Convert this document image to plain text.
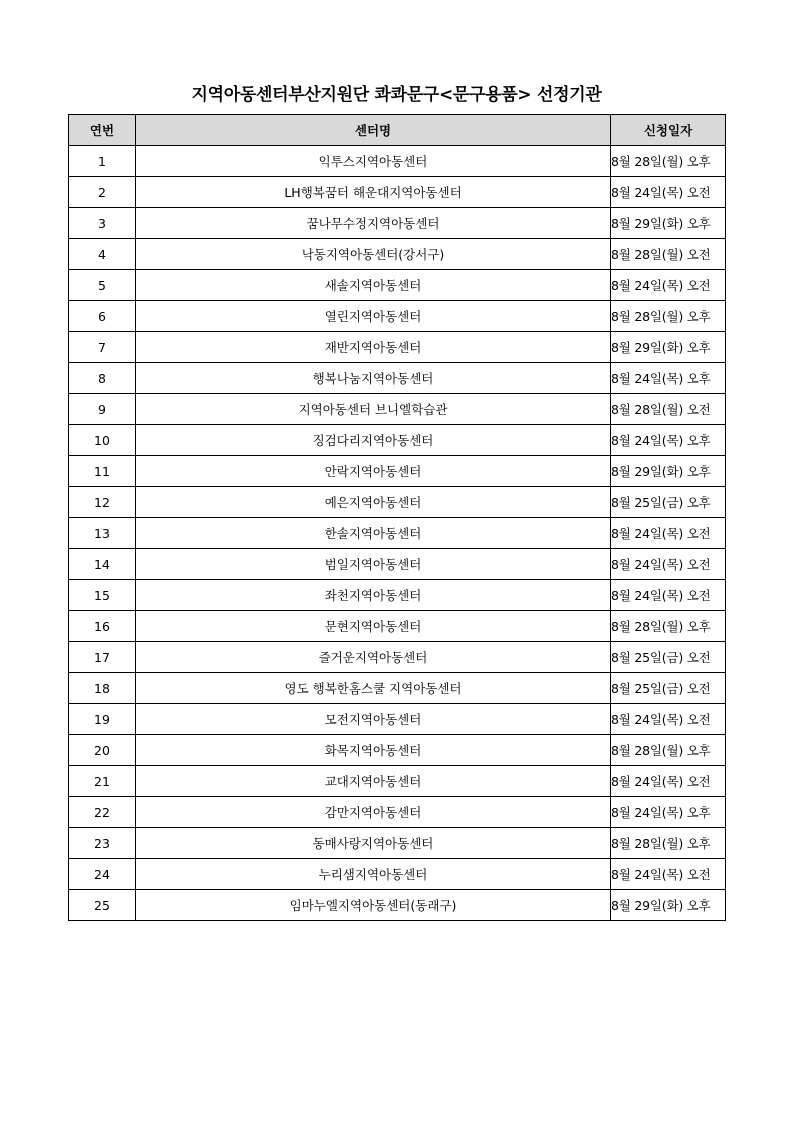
지역아동센터부산지원단 콰콰문구<문구용품> 선정기관
연번	센터명	신청일자
1	익투스지역아동센터	8월 28일(월) 오후
2	LH행복꿈터 해운대지역아동센터	8월 24일(목) 오전
3	꿈나무수정지역아동센터	8월 29일(화) 오후
4	낙동지역아동센터(강서구)	8월 28일(월) 오전
5	새솔지역아동센터	8월 24일(목) 오전
6	열린지역아동센터	8월 28일(월) 오후
7	재반지역아동센터	8월 29일(화) 오후
8	행복나눔지역아동센터	8월 24일(목) 오후
9	지역아동센터 브니엘학습관	8월 28일(월) 오전
10	징검다리지역아동센터	8월 24일(목) 오후
11	안락지역아동센터	8월 29일(화) 오후
12	예은지역아동센터	8월 25일(금) 오후
13	한솔지역아동센터	8월 24일(목) 오전
14	범일지역아동센터	8월 24일(목) 오전
15	좌천지역아동센터	8월 24일(목) 오전
16	문현지역아동센터	8월 28일(월) 오후
17	즐거운지역아동센터	8월 25일(금) 오전
18	영도 행복한홈스쿨 지역아동센터	8월 25일(금) 오전
19	모전지역아동센터	8월 24일(목) 오전
20	화목지역아동센터	8월 28일(월) 오후
21	교대지역아동센터	8월 24일(목) 오전
22	감만지역아동센터	8월 24일(목) 오후
23	동매사랑지역아동센터	8월 28일(월) 오후
24	누리샘지역아동센터	8월 24일(목) 오전
25	임마누엘지역아동센터(동래구)	8월 29일(화) 오후
